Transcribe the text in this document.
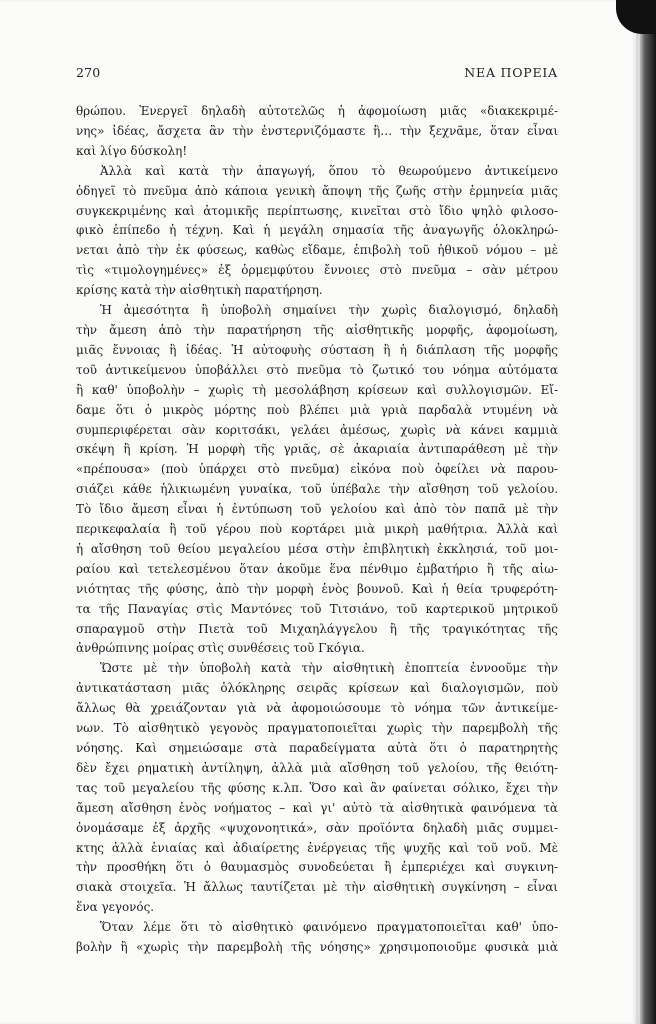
270	ΝΕΑ ΠΟΡΕΙΑ

θρώπου. Ἐνεργεῖ δηλαδὴ αὐτοτελῶς ἡ ἀφομοίωση μιᾶς «διακεκριμέ-

νης» ἰδέας, ἄσχετα ἂν τὴν ἐνστερνιζόμαστε ἢ… τὴν ξεχνᾶμε, ὅταν εἶναι

καὶ λίγο δύσκολη!

Ἀλλὰ καὶ κατὰ τὴν ἀπαγωγή, ὅπου τὸ θεωρούμενο ἀντικείμενο

ὁδηγεῖ τὸ πνεῦμα ἀπὸ κάποια γενικὴ ἄποψη τῆς ζωῆς στὴν ἑρμηνεία μιᾶς

συγκεκριμένης καὶ ἀτομικῆς περίπτωσης, κινεῖται στὸ ἴδιο ψηλὸ φιλοσο-

φικὸ ἐπίπεδο ἡ τέχνη. Καὶ ἡ μεγάλη σημασία τῆς ἀναγωγῆς ὁλοκληρώ-

νεται ἀπὸ τὴν ἐκ φύσεως, καθὼς εἴδαμε, ἐπιβολὴ τοῦ ἠθικοῦ νόμου – μὲ

τὶς «τιμολογημένες» ἐξ ὁρμεμφύτου ἔννοιες στὸ πνεῦμα – σὰν μέτρου

κρίσης κατὰ τὴν αἰσθητικὴ παρατήρηση.

Ἡ ἀμεσότητα ἢ ὑποβολὴ σημαίνει τὴν χωρὶς διαλογισμό, δηλαδὴ

τὴν ἄμεση ἀπὸ τὴν παρατήρηση τῆς αἰσθητικῆς μορφῆς, ἀφομοίωση,

μιᾶς ἔννοιας ἢ ἰδέας. Ἡ αὐτοφυὴς σύσταση ἢ ἡ διάπλαση τῆς μορφῆς

τοῦ ἀντικείμενου ὑποβάλλει στὸ πνεῦμα τὸ ζωτικό του νόημα αὐτόματα

ἢ καθ' ὑποβολὴν – χωρὶς τὴ μεσολάβηση κρίσεων καὶ συλλογισμῶν. Εἴ-

δαμε ὅτι ὁ μικρὸς μόρτης ποὺ βλέπει μιὰ γριὰ παρδαλὰ ντυμένη νὰ

συμπεριφέρεται σὰν κοριτσάκι, γελάει ἀμέσως, χωρὶς νὰ κάνει καμμιὰ

σκέψη ἢ κρίση. Ἡ μορφὴ τῆς γριᾶς, σὲ ἀκαριαία ἀντιπαράθεση μὲ τὴν

«πρέπουσα» (ποὺ ὑπάρχει στὸ πνεῦμα) εἰκόνα ποὺ ὀφείλει νὰ παρου-

σιάζει κάθε ἡλικιωμένη γυναίκα, τοῦ ὑπέβαλε τὴν αἴσθηση τοῦ γελοίου.

Τὸ ἴδιο ἄμεση εἶναι ἡ ἐντύπωση τοῦ γελοίου καὶ ἀπὸ τὸν παπᾶ μὲ τὴν

περικεφαλαία ἢ τοῦ γέρου ποὺ κορτάρει μιὰ μικρὴ μαθήτρια. Ἀλλὰ καὶ

ἡ αἴσθηση τοῦ θείου μεγαλείου μέσα στὴν ἐπιβλητικὴ ἐκκλησιά, τοῦ μοι-

ραίου καὶ τετελεσμένου ὅταν ἀκοῦμε ἕνα πένθιμο ἐμβατήριο ἢ τῆς αἰω-

νιότητας τῆς φύσης, ἀπὸ τὴν μορφὴ ἑνὸς βουνοῦ. Καὶ ἡ θεία τρυφερότη-

τα τῆς Παναγίας στὶς Μαντόνες τοῦ Τιτσιάνο, τοῦ καρτερικοῦ μητρικοῦ

σπαραγμοῦ στὴν Πιετὰ τοῦ Μιχαηλάγγελου ἢ τῆς τραγικότητας τῆς

ἀνθρώπινης μοίρας στὶς συνθέσεις τοῦ Γκόγια.

Ὥστε μὲ τὴν ὑποβολὴ κατὰ τὴν αἰσθητικὴ ἐποπτεία ἐννοοῦμε τὴν

ἀντικατάσταση μιᾶς ὁλόκληρης σειρᾶς κρίσεων καὶ διαλογισμῶν, ποὺ

ἄλλως θὰ χρειάζονταν γιὰ νὰ ἀφομοιώσουμε τὸ νόημα τῶν ἀντικείμε-

νων. Τὸ αἰσθητικὸ γεγονὸς πραγματοποιεῖται χωρὶς τὴν παρεμβολὴ τῆς

νόησης. Καὶ σημειώσαμε στὰ παραδείγματα αὐτὰ ὅτι ὁ παρατηρητὴς

δὲν ἔχει ρηματικὴ ἀντίληψη, ἀλλὰ μιὰ αἴσθηση τοῦ γελοίου, τῆς θειότη-

τας τοῦ μεγαλείου τῆς φύσης κ.λπ. Ὅσο καὶ ἂν φαίνεται σόλικο, ἔχει τὴν

ἄμεση αἴσθηση ἑνὸς νοήματος – καὶ γι' αὐτὸ τὰ αἰσθητικὰ φαινόμενα τὰ

ὀνομάσαμε ἐξ ἀρχῆς «ψυχονοητικά», σὰν προϊόντα δηλαδὴ μιᾶς συμμει-

κτης ἀλλὰ ἑνιαίας καὶ ἀδιαίρετης ἐνέργειας τῆς ψυχῆς καὶ τοῦ νοῦ. Μὲ

τὴν προσθήκη ὅτι ὁ θαυμασμὸς συνοδεύεται ἢ ἐμπεριέχει καὶ συγκινη-

σιακὰ στοιχεῖα. Ἡ ἄλλως ταυτίζεται μὲ τὴν αἰσθητικὴ συγκίνηση – εἶναι

ἕνα γεγονός.

Ὅταν λέμε ὅτι τὸ αἰσθητικὸ φαινόμενο πραγματοποιεῖται καθ' ὑπο-

βολὴν ἢ «χωρὶς τὴν παρεμβολὴ τῆς νόησης» χρησιμοποιοῦμε φυσικὰ μιὰ
